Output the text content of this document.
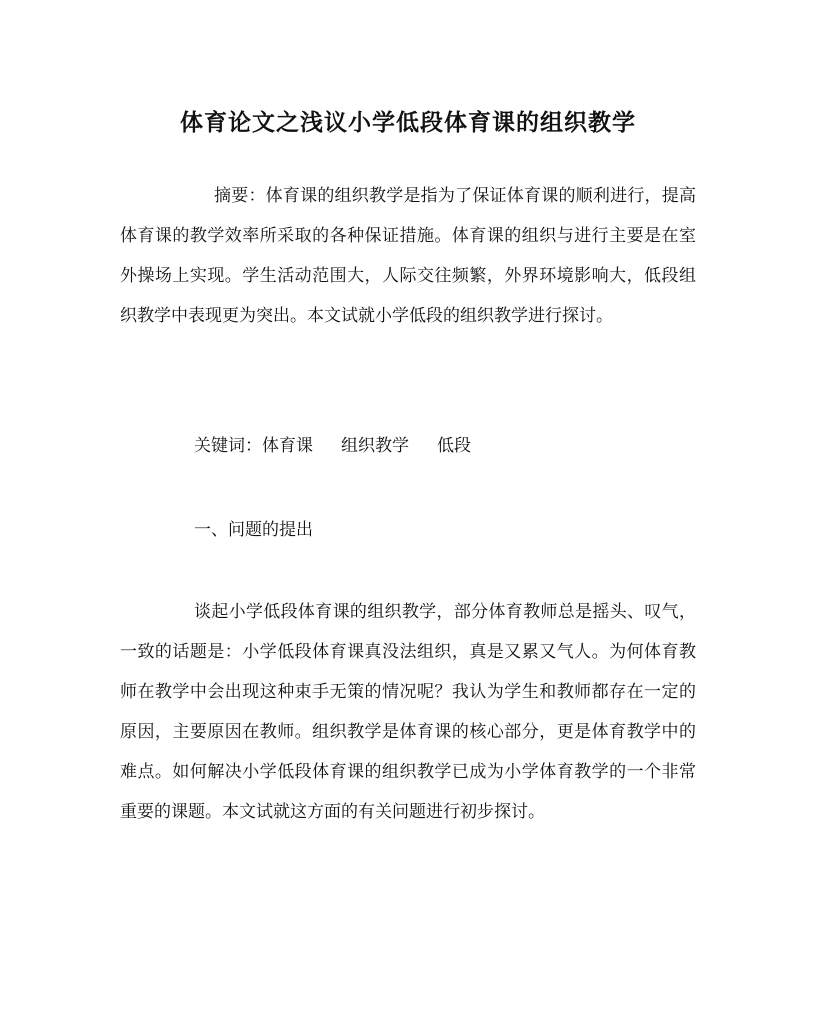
体育论文之浅议小学低段体育课的组织教学

摘要：体育课的组织教学是指为了保证体育课的顺利进行，提高体育课的教学效率所采取的各种保证措施。体育课的组织与进行主要是在室外操场上实现。学生活动范围大，人际交往频繁，外界环境影响大，低段组织教学中表现更为突出。本文试就小学低段的组织教学进行探讨。

关键词：体育课 组织教学 低段

一、问题的提出

谈起小学低段体育课的组织教学，部分体育教师总是摇头、叹气，一致的话题是：小学低段体育课真没法组织，真是又累又气人。为何体育教师在教学中会出现这种束手无策的情况呢？我认为学生和教师都存在一定的原因，主要原因在教师。组织教学是体育课的核心部分，更是体育教学中的难点。如何解决小学低段体育课的组织教学已成为小学体育教学的一个非常重要的课题。本文试就这方面的有关问题进行初步探讨。
